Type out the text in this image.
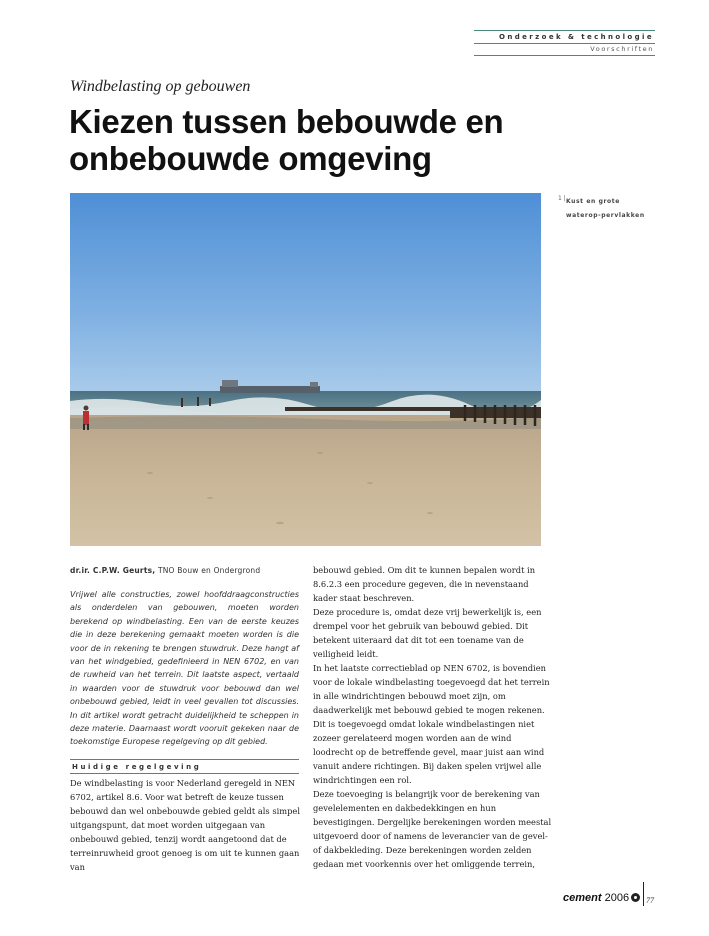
Onderzoek & technologie
Voorschriften
Windbelasting op gebouwen
Kiezen tussen bebouwde en onbebouwde omgeving
1 | Kust en grote waterop-pervlakken
dr.ir. C.P.W. Geurts, TNO Bouw en Ondergrond

Vrijwel alle constructies, zowel hoofddraagconstructies als onderdelen van gebouwen, moeten worden berekend op windbelasting. Een van de eerste keuzes die in deze berekening gemaakt moeten worden is die voor de in rekening te brengen stuwdruk. Deze hangt af van het windgebied, gedefinieerd in NEN 6702, en van de ruwheid van het terrein. Dit laatste aspect, vertaald in waarden voor de stuwdruk voor bebouwd dan wel onbebouwd gebied, leidt in veel gevallen tot discussies. In dit artikel wordt getracht duidelijkheid te scheppen in deze materie. Daarnaast wordt vooruit gekeken naar de toekomstige Europese regelgeving op dit gebied.

Huidige regelgeving

De windbelasting is voor Nederland geregeld in NEN 6702, artikel 8.6. Voor wat betreft de keuze tussen bebouwd dan wel onbebouwde gebied geldt als simpel uitgangspunt, dat moet worden uitgegaan van onbebouwd gebied, tenzij wordt aangetoond dat de terreinruwheid groot genoeg is om uit te kunnen gaan van

bebouwd gebied. Om dit te kunnen bepalen wordt in 8.6.2.3 een procedure gegeven, die in nevenstaand kader staat beschreven.

Deze procedure is, omdat deze vrij bewerkelijk is, een drempel voor het gebruik van bebouwd gebied. Dit betekent uiteraard dat dit tot een toename van de veiligheid leidt.

In het laatste correctieblad op NEN 6702, is bovendien voor de lokale windbelasting toegevoegd dat het terrein in alle windrichtingen bebouwd moet zijn, om daadwerkelijk met bebouwd gebied te mogen rekenen. Dit is toegevoegd omdat lokale windbelastingen niet zozeer gerelateerd mogen worden aan de wind loodrecht op de betreffende gevel, maar juist aan wind vanuit andere richtingen. Bij daken spelen vrijwel alle windrichtingen een rol.

Deze toevoeging is belangrijk voor de berekening van gevelelementen en dakbedekkingen en hun bevestigingen. Dergelijke berekeningen worden meestal uitgevoerd door of namens de leverancier van de gevel- of dakbekleding. Deze berekeningen worden zelden gedaan met voorkennis over het omliggende terrein,

cement 2006 77
